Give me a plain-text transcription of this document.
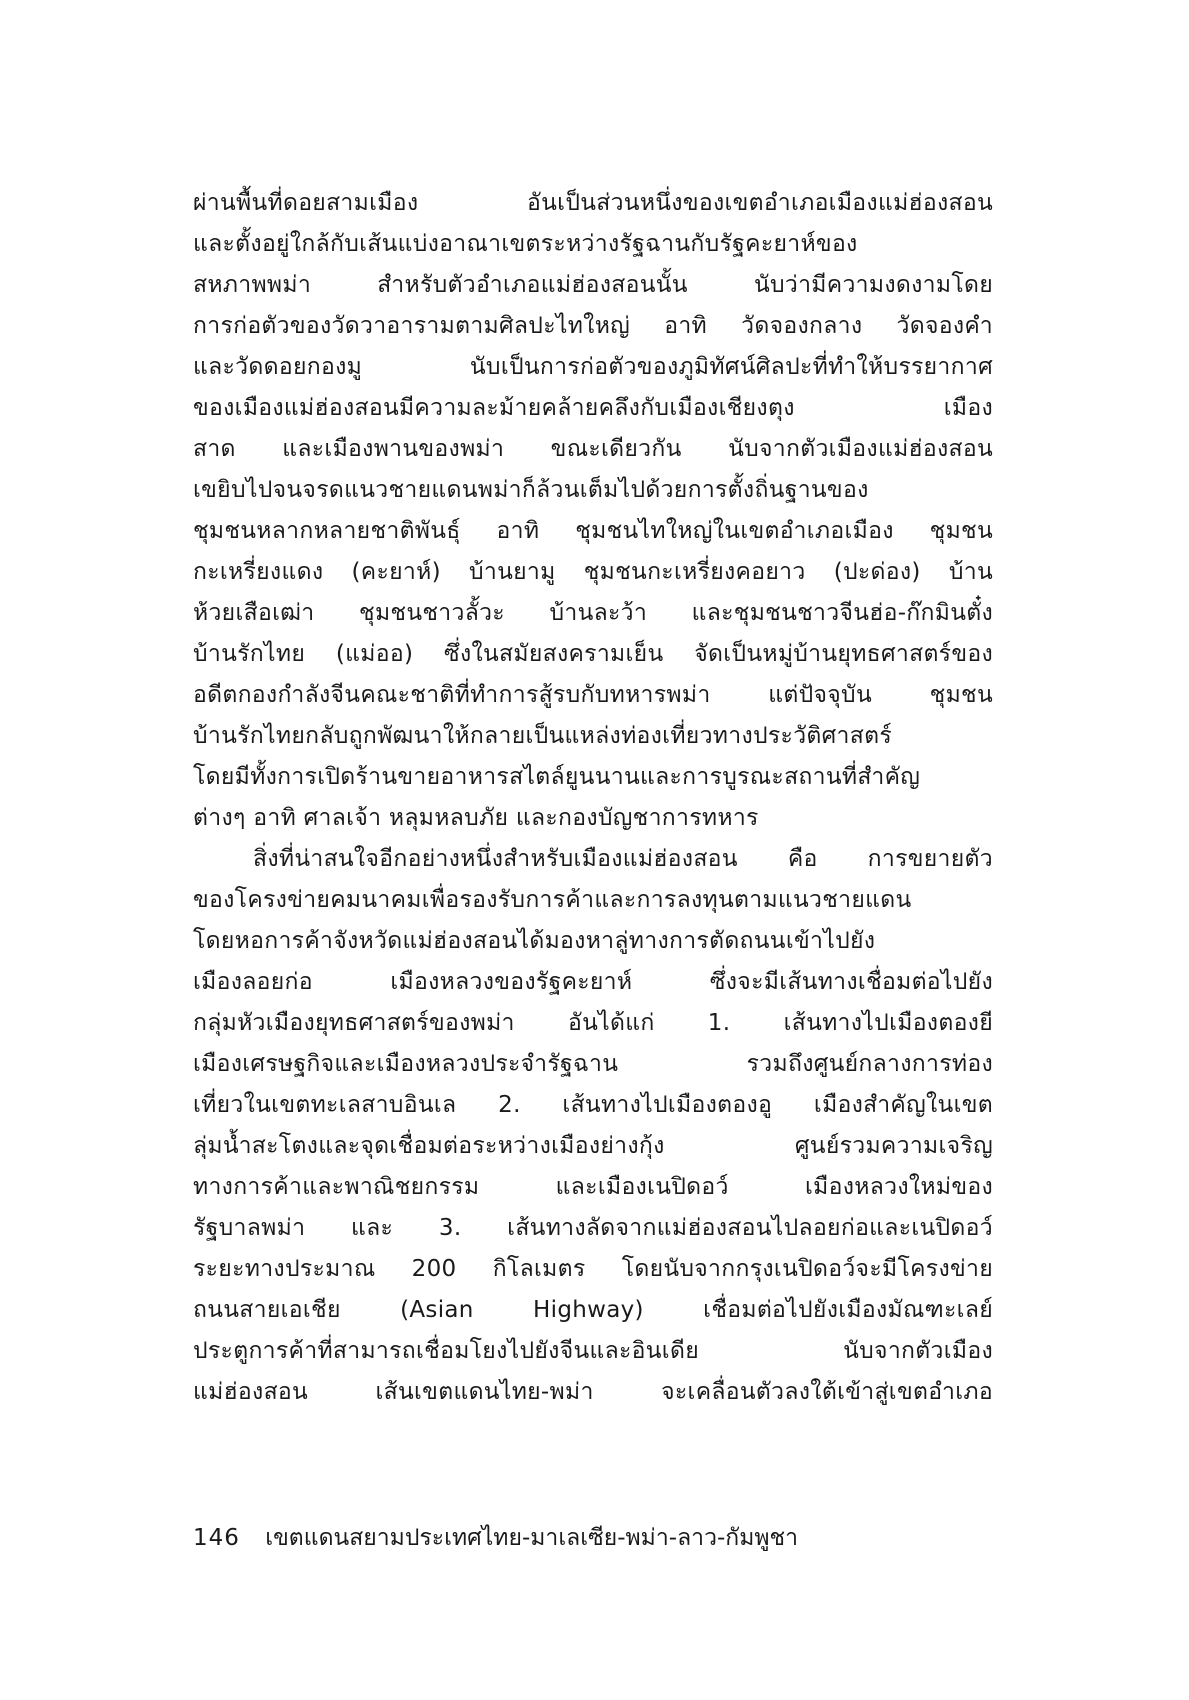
ผ่านพื้นที่ดอยสามเมือง อันเป็นส่วนหนึ่งของเขตอำเภอเมืองแม่ฮ่องสอน
และตั้งอยู่ใกล้กับเส้นแบ่งอาณาเขตระหว่างรัฐฉานกับรัฐคะยาห์ของ
สหภาพพม่า สำหรับตัวอำเภอแม่ฮ่องสอนนั้น นับว่ามีความงดงามโดย
การก่อตัวของวัดวาอารามตามศิลปะไทใหญ่ อาทิ วัดจองกลาง วัดจองคำ
และวัดดอยกองมู นับเป็นการก่อตัวของภูมิทัศน์ศิลปะที่ทำให้บรรยากาศ
ของเมืองแม่ฮ่องสอนมีความละม้ายคล้ายคลึงกับเมืองเชียงตุง เมือง
สาด และเมืองพานของพม่า ขณะเดียวกัน นับจากตัวเมืองแม่ฮ่องสอน
เขยิบไปจนจรดแนวชายแดนพม่าก็ล้วนเต็มไปด้วยการตั้งถิ่นฐานของ
ชุมชนหลากหลายชาติพันธุ์ อาทิ ชุมชนไทใหญ่ในเขตอำเภอเมือง ชุมชน
กะเหรี่ยงแดง (คะยาห์) บ้านยามู ชุมชนกะเหรี่ยงคอยาว (ปะด่อง) บ้าน
ห้วยเสือเฒ่า ชุมชนชาวลั้วะ บ้านละว้า และชุมชนชาวจีนฮ่อ-ก๊กมินตั๋ง
บ้านรักไทย (แม่ออ) ซึ่งในสมัยสงครามเย็น จัดเป็นหมู่บ้านยุทธศาสตร์ของ
อดีตกองกำลังจีนคณะชาติที่ทำการสู้รบกับทหารพม่า แต่ปัจจุบัน ชุมชน
บ้านรักไทยกลับถูกพัฒนาให้กลายเป็นแหล่งท่องเที่ยวทางประวัติศาสตร์
โดยมีทั้งการเปิดร้านขายอาหารสไตล์ยูนนานและการบูรณะสถานที่สำคัญ
ต่างๆ อาทิ ศาลเจ้า หลุมหลบภัย และกองบัญชาการทหาร
สิ่งที่น่าสนใจอีกอย่างหนึ่งสำหรับเมืองแม่ฮ่องสอน คือ การขยายตัว
ของโครงข่ายคมนาคมเพื่อรองรับการค้าและการลงทุนตามแนวชายแดน
โดยหอการค้าจังหวัดแม่ฮ่องสอนได้มองหาลู่ทางการตัดถนนเข้าไปยัง
เมืองลอยก่อ เมืองหลวงของรัฐคะยาห์ ซึ่งจะมีเส้นทางเชื่อมต่อไปยัง
กลุ่มหัวเมืองยุทธศาสตร์ของพม่า อันได้แก่ 1. เส้นทางไปเมืองตองยี
เมืองเศรษฐกิจและเมืองหลวงประจำรัฐฉาน รวมถึงศูนย์กลางการท่อง
เที่ยวในเขตทะเลสาบอินเล 2. เส้นทางไปเมืองตองอู เมืองสำคัญในเขต
ลุ่มน้ำสะโตงและจุดเชื่อมต่อระหว่างเมืองย่างกุ้ง ศูนย์รวมความเจริญ
ทางการค้าและพาณิชยกรรม และเมืองเนปิดอว์ เมืองหลวงใหม่ของ
รัฐบาลพม่า และ 3. เส้นทางลัดจากแม่ฮ่องสอนไปลอยก่อและเนปิดอว์
ระยะทางประมาณ 200 กิโลเมตร โดยนับจากกรุงเนปิดอว์จะมีโครงข่าย
ถนนสายเอเชีย (Asian Highway) เชื่อมต่อไปยังเมืองมัณฑะเลย์
ประตูการค้าที่สามารถเชื่อมโยงไปยังจีนและอินเดีย นับจากตัวเมือง
แม่ฮ่องสอน เส้นเขตแดนไทย-พม่า จะเคลื่อนตัวลงใต้เข้าสู่เขตอำเภอ
146 เขตแดนสยามประเทศไทย-มาเลเซีย-พม่า-ลาว-กัมพูชา
